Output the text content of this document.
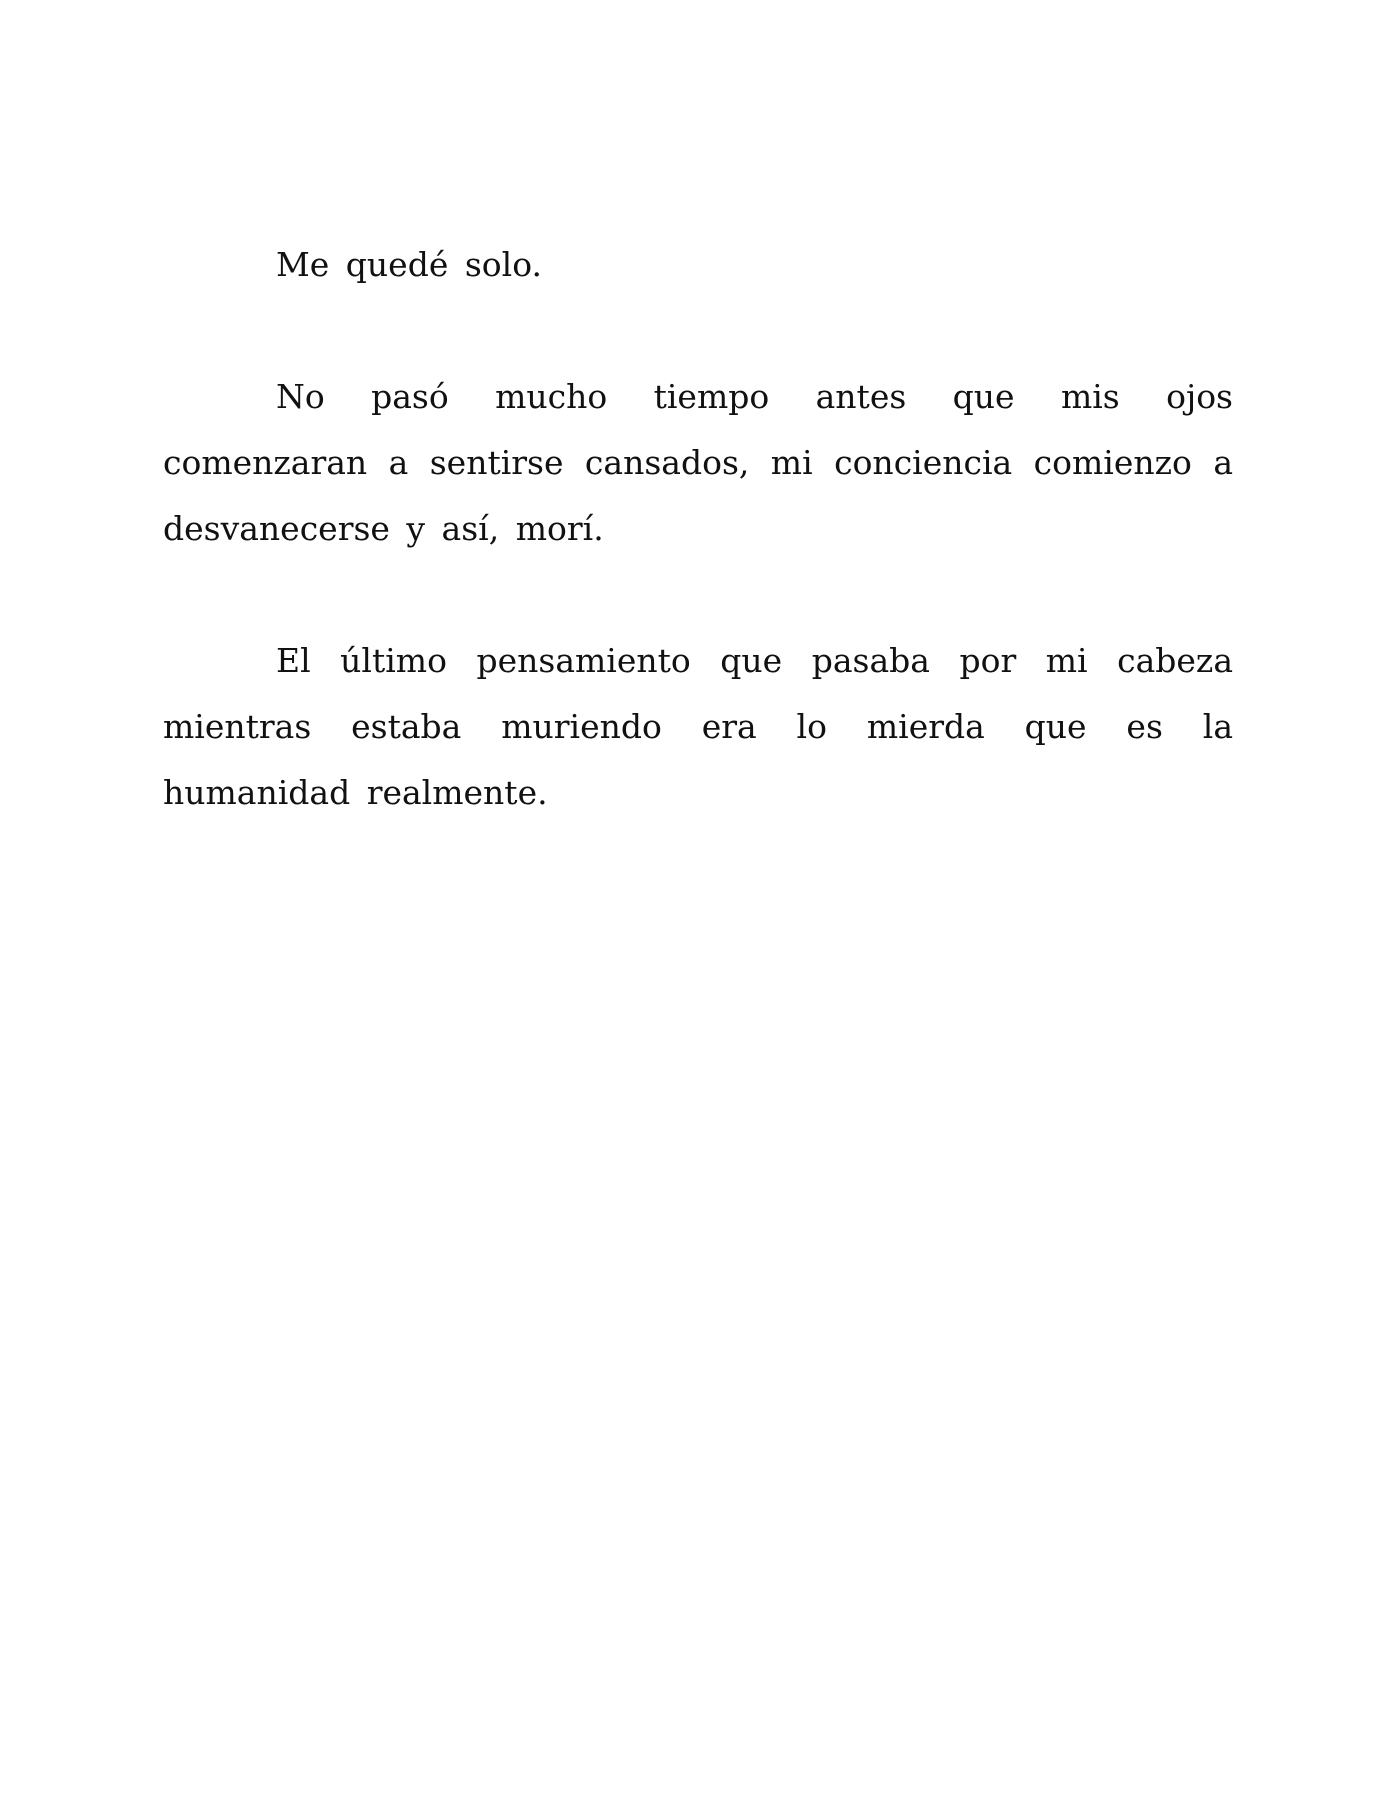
Me quedé solo.

No pasó mucho tiempo antes que mis ojos comenzaran a sentirse cansados, mi conciencia comienzo a desvanecerse y así, morí.

El último pensamiento que pasaba por mi cabeza mientras estaba muriendo era lo mierda que es la humanidad realmente.
